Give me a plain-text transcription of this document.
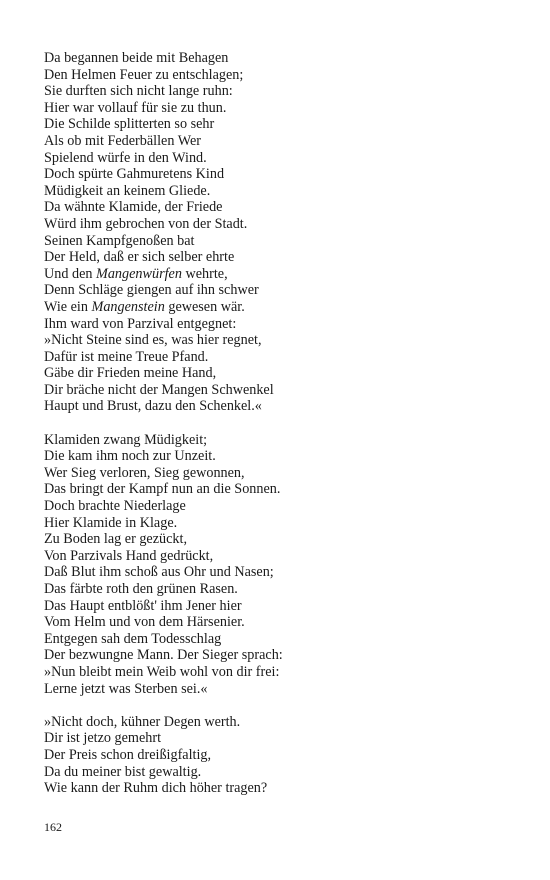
Da begannen beide mit Behagen
Den Helmen Feuer zu entschlagen;
Sie durften sich nicht lange ruhn:
Hier war vollauf für sie zu thun.
Die Schilde splitterten so sehr
Als ob mit Federbällen Wer
Spielend würfe in den Wind.
Doch spürte Gahmuretens Kind
Müdigkeit an keinem Gliede.
Da wähnte Klamide, der Friede
Würd ihm gebrochen von der Stadt.
Seinen Kampfgenoßen bat
Der Held, daß er sich selber ehrte
Und den Mangenwürfen wehrte,
Denn Schläge giengen auf ihn schwer
Wie ein Mangenstein gewesen wär.
Ihm ward von Parzival entgegnet:
»Nicht Steine sind es, was hier regnet,
Dafür ist meine Treue Pfand.
Gäbe dir Frieden meine Hand,
Dir bräche nicht der Mangen Schwenkel
Haupt und Brust, dazu den Schenkel.«
Klamiden zwang Müdigkeit;
Die kam ihm noch zur Unzeit.
Wer Sieg verloren, Sieg gewonnen,
Das bringt der Kampf nun an die Sonnen.
Doch brachte Niederlage
Hier Klamide in Klage.
Zu Boden lag er gezückt,
Von Parzivals Hand gedrückt,
Daß Blut ihm schoß aus Ohr und Nasen;
Das färbte roth den grünen Rasen.
Das Haupt entblößt' ihm Jener hier
Vom Helm und von dem Härsenier.
Entgegen sah dem Todesschlag
Der bezwungne Mann. Der Sieger sprach:
»Nun bleibt mein Weib wohl von dir frei:
Lerne jetzt was Sterben sei.«
»Nicht doch, kühner Degen werth.
Dir ist jetzo gemehrt
Der Preis schon dreißigfaltig,
Da du meiner bist gewaltig.
Wie kann der Ruhm dich höher tragen?
162
